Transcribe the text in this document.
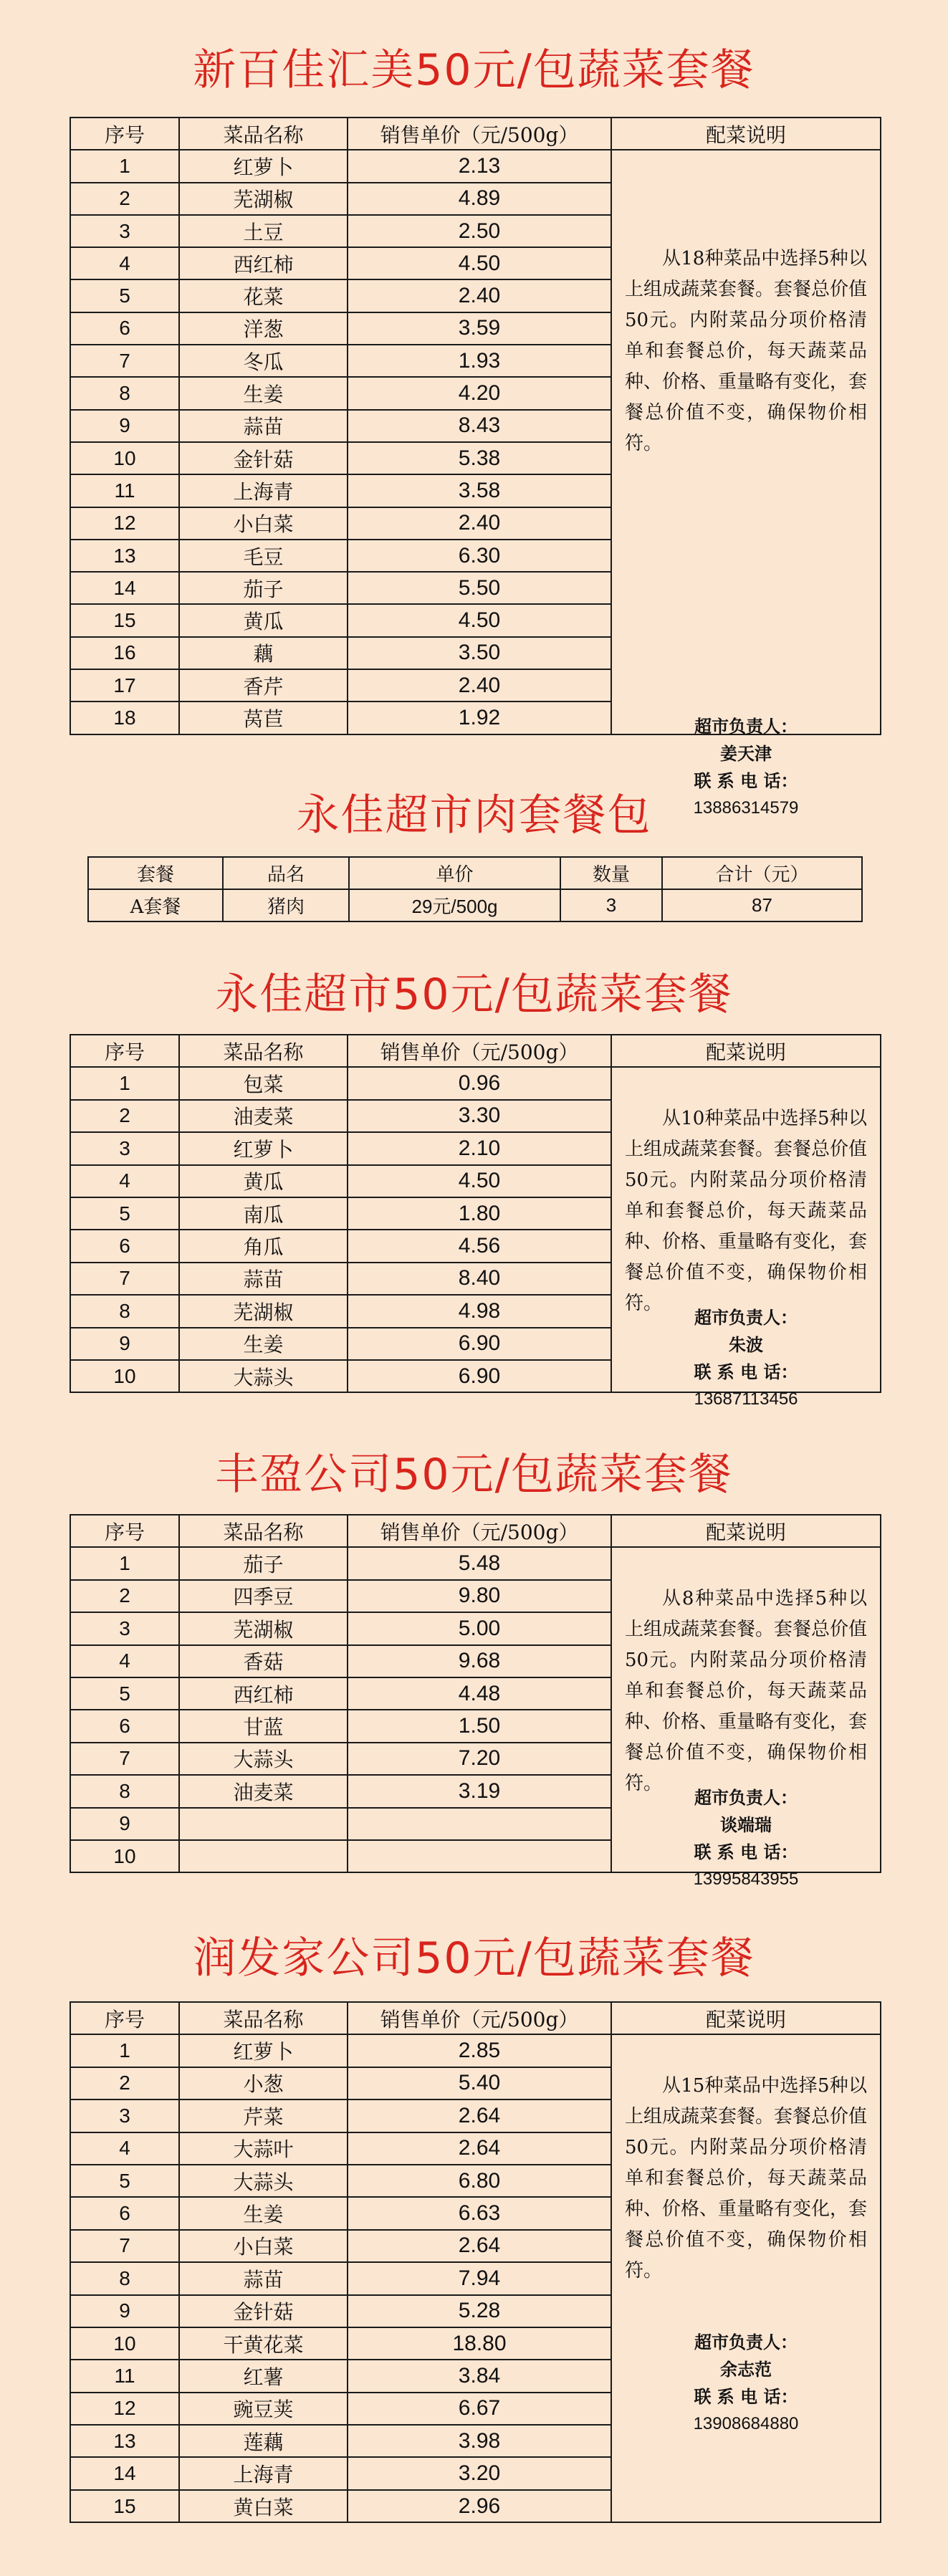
新百佳汇美50元/包蔬菜套餐
序号	菜品名称	销售单价（元/500g）	配菜说明
1	红萝卜	2.13	从18种菜品中选择5种以上组成蔬菜套餐。套餐总价值50元。内附菜品分项价格清单和套餐总价，每天蔬菜品种、价格、重量略有变化，套餐总价值不变，确保物价相符。
超市负责人：
姜天津
联 系 电 话：
13886314579

2	芜湖椒	4.89	
3	土豆	2.50	
4	西红柿	4.50	
5	花菜	2.40	
6	洋葱	3.59	
7	冬瓜	1.93	
8	生姜	4.20	
9	蒜苗	8.43	
10	金针菇	5.38	
11	上海青	3.58	
12	小白菜	2.40	
13	毛豆	6.30	
14	茄子	5.50	
15	黄瓜	4.50	
16	藕	3.50	
17	香芹	2.40	
18	莴苣	1.92	
永佳超市50元/包蔬菜套餐
序号	菜品名称	销售单价（元/500g）	配菜说明
1	包菜	0.96	从10种菜品中选择5种以上组成蔬菜套餐。套餐总价值50元。内附菜品分项价格清单和套餐总价，每天蔬菜品种、价格、重量略有变化，套餐总价值不变，确保物价相符。
超市负责人：
朱波
联 系 电 话：
13687113456

2	油麦菜	3.30	
3	红萝卜	2.10	
4	黄瓜	4.50	
5	南瓜	1.80	
6	角瓜	4.56	
7	蒜苗	8.40	
8	芜湖椒	4.98	
9	生姜	6.90	
10	大蒜头	6.90	
丰盈公司50元/包蔬菜套餐
序号	菜品名称	销售单价（元/500g）	配菜说明
1	茄子	5.48	从8种菜品中选择5种以上组成蔬菜套餐。套餐总价值50元。内附菜品分项价格清单和套餐总价，每天蔬菜品种、价格、重量略有变化，套餐总价值不变，确保物价相符。
超市负责人：
谈端瑞
联 系 电 话：
13995843955

2	四季豆	9.80	
3	芜湖椒	5.00	
4	香菇	9.68	
5	西红柿	4.48	
6	甘蓝	1.50	
7	大蒜头	7.20	
8	油麦菜	3.19	
9			
10			
润发家公司50元/包蔬菜套餐
序号	菜品名称	销售单价（元/500g）	配菜说明
1	红萝卜	2.85	从15种菜品中选择5种以上组成蔬菜套餐。套餐总价值50元。内附菜品分项价格清单和套餐总价，每天蔬菜品种、价格、重量略有变化，套餐总价值不变，确保物价相符。
超市负责人：
余志范
联 系 电 话：
13908684880

2	小葱	5.40	
3	芹菜	2.64	
4	大蒜叶	2.64	
5	大蒜头	6.80	
6	生姜	6.63	
7	小白菜	2.64	
8	蒜苗	7.94	
9	金针菇	5.28	
10	干黄花菜	18.80	
11	红薯	3.84	
12	豌豆荚	6.67	
13	莲藕	3.98	
14	上海青	3.20	
15	黄白菜	2.96	
永佳超市肉套餐包
套餐	品名	单价	数量	合计（元）
A套餐	猪肉	29元/500g	3	87
